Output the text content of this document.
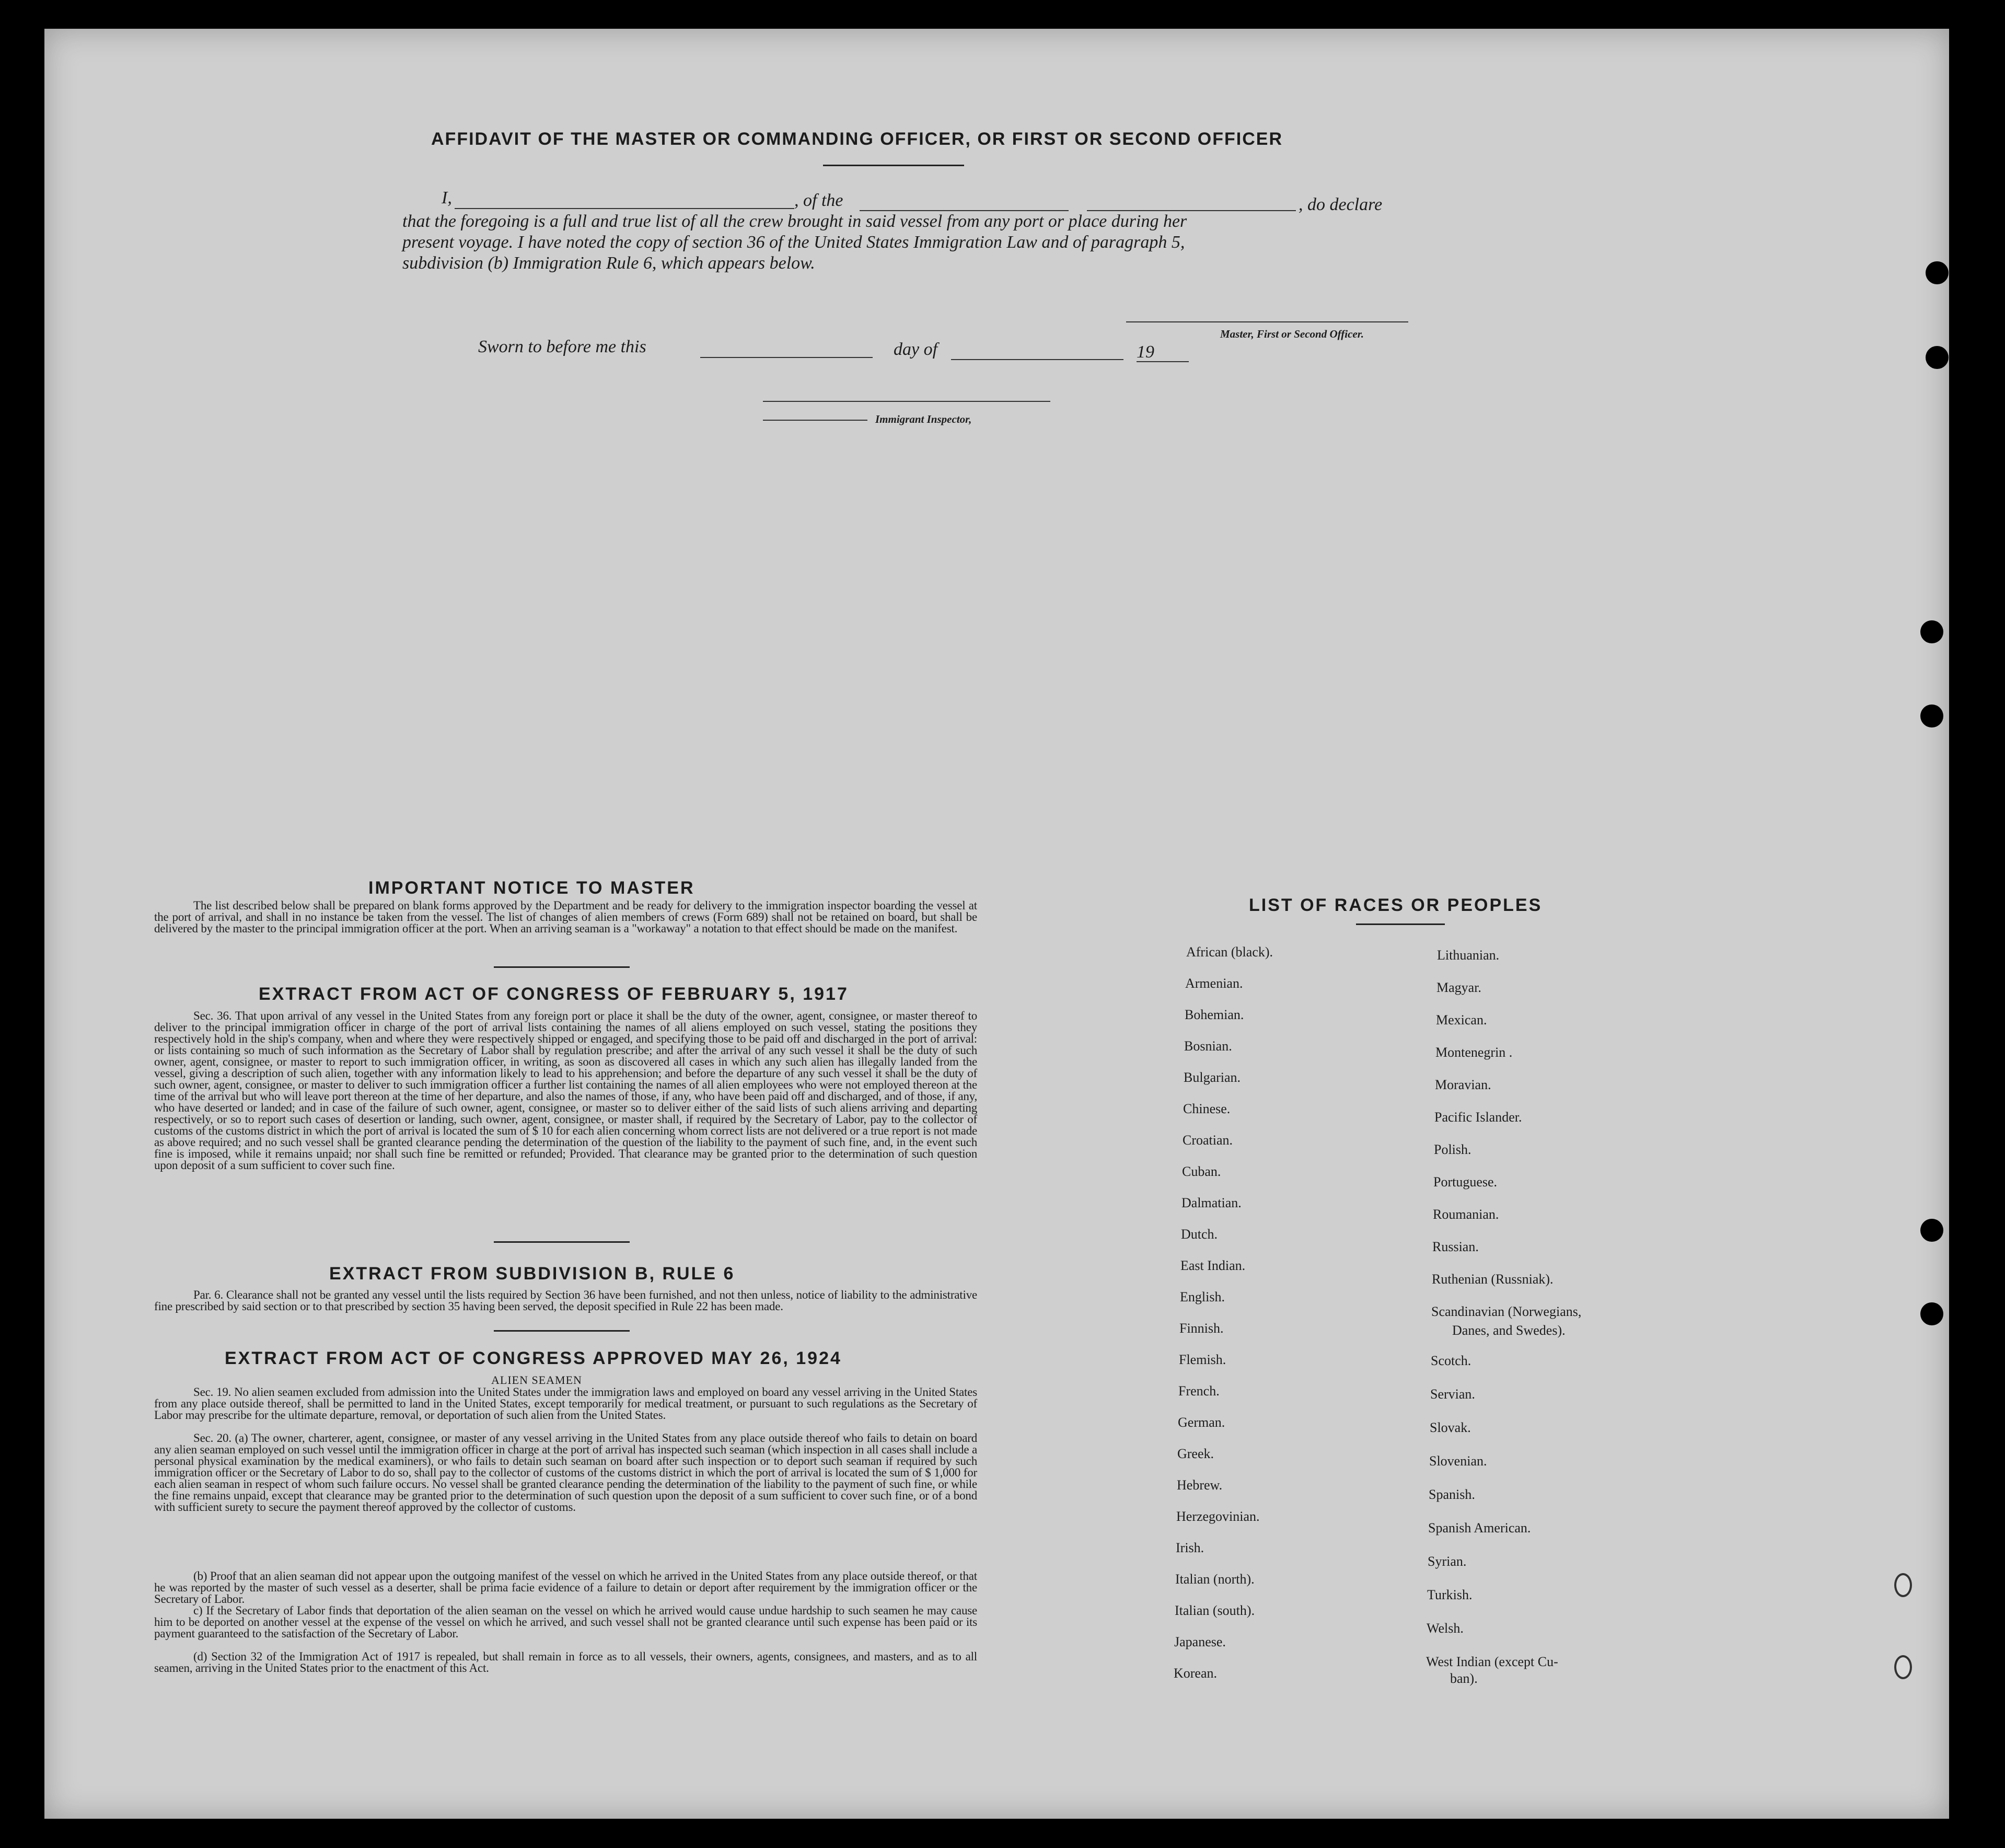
AFFIDAVIT OF THE MASTER OR COMMANDING OFFICER, OR FIRST OR SECOND OFFICER
I,	, of the	, do declare
that the foregoing is a full and true list of all the crew brought in said vessel from any port or place during her
present voyage. I have noted the copy of section 36 of the United States Immigration Law and of paragraph 5,
subdivision (b) Immigration Rule 6, which appears below.
Master, First or Second Officer.
Sworn to before me this	day of	19
Immigrant Inspector,
IMPORTANT NOTICE TO MASTER
The list described below shall be prepared on blank forms approved by the Department and be ready for delivery to the immigration inspector boarding the vessel at the port of arrival, and shall in no instance be taken from the vessel. The list of changes of alien members of crews (Form 689) shall not be retained on board, but shall be delivered by the master to the principal immigration officer at the port. When an arriving seaman is a "workaway" a notation to that effect should be made on the manifest.
EXTRACT FROM ACT OF CONGRESS OF FEBRUARY 5, 1917
Sec. 36. That upon arrival of any vessel in the United States from any foreign port or place it shall be the duty of the owner, agent, consignee, or master thereof to deliver to the principal immigration officer in charge of the port of arrival lists containing the names of all aliens employed on such vessel, stating the positions they respectively hold in the ship's company, when and where they were respectively shipped or engaged, and specifying those to be paid off and discharged in the port of arrival: or lists containing so much of such information as the Secretary of Labor shall by regulation prescribe; and after the arrival of any such vessel it shall be the duty of such owner, agent, consignee, or master to report to such immigration officer, in writing, as soon as discovered all cases in which any such alien has illegally landed from the vessel, giving a description of such alien, together with any information likely to lead to his apprehension; and before the departure of any such vessel it shall be the duty of such owner, agent, consignee, or master to deliver to such immigration officer a further list containing the names of all alien employees who were not employed thereon at the time of the arrival but who will leave port thereon at the time of her departure, and also the names of those, if any, who have been paid off and discharged, and of those, if any, who have deserted or landed; and in case of the failure of such owner, agent, consignee, or master so to deliver either of the said lists of such aliens arriving and departing respectively, or so to report such cases of desertion or landing, such owner, agent, consignee, or master shall, if required by the Secretary of Labor, pay to the collector of customs of the customs district in which the port of arrival is located the sum of $ 10 for each alien concerning whom correct lists are not delivered or a true report is not made as above required; and no such vessel shall be granted clearance pending the determination of the question of the liability to the payment of such fine, and, in the event such fine is imposed, while it remains unpaid; nor shall such fine be remitted or refunded; Provided. That clearance may be granted prior to the determination of such question upon deposit of a sum sufficient to cover such fine.
EXTRACT FROM SUBDIVISION B, RULE 6
Par. 6. Clearance shall not be granted any vessel until the lists required by Section 36 have been furnished, and not then unless, notice of liability to the administrative fine prescribed by said section or to that prescribed by section 35 having been served, the deposit specified in Rule 22 has been made.
EXTRACT FROM ACT OF CONGRESS APPROVED MAY 26, 1924
ALIEN SEAMEN
Sec. 19. No alien seamen excluded from admission into the United States under the immigration laws and employed on board any vessel arriving in the United States from any place outside thereof, shall be permitted to land in the United States, except temporarily for medical treatment, or pursuant to such regulations as the Secretary of Labor may prescribe for the ultimate departure, removal, or deportation of such alien from the United States.
Sec. 20. (a) The owner, charterer, agent, consignee, or master of any vessel arriving in the United States from any place outside thereof who fails to detain on board any alien seaman employed on such vessel until the immigration officer in charge at the port of arrival has inspected such seaman (which inspection in all cases shall include a personal physical examination by the medical examiners), or who fails to detain such seaman on board after such inspection or to deport such seaman if required by such immigration officer or the Secretary of Labor to do so, shall pay to the collector of customs of the customs district in which the port of arrival is located the sum of $ 1,000 for each alien seaman in respect of whom such failure occurs. No vessel shall be granted clearance pending the determination of the liability to the payment of such fine, or while the fine remains unpaid, except that clearance may be granted prior to the determination of such question upon the deposit of a sum sufficient to cover such fine, or of a bond with sufficient surety to secure the payment thereof approved by the collector of customs.
(b) Proof that an alien seaman did not appear upon the outgoing manifest of the vessel on which he arrived in the United States from any place outside thereof, or that he was reported by the master of such vessel as a deserter, shall be prima facie evidence of a failure to detain or deport after requirement by the immigration officer or the Secretary of Labor.
c) If the Secretary of Labor finds that deportation of the alien seaman on the vessel on which he arrived would cause undue hardship to such seamen he may cause him to be deported on another vessel at the expense of the vessel on which he arrived, and such vessel shall not be granted clearance until such expense has been paid or its payment guaranteed to the satisfaction of the Secretary of Labor.
(d) Section 32 of the Immigration Act of 1917 is repealed, but shall remain in force as to all vessels, their owners, agents, consignees, and masters, and as to all seamen, arriving in the United States prior to the enactment of this Act.
LIST OF RACES OR PEOPLES
African (black).
Armenian.
Bohemian.
Bosnian.
Bulgarian.
Chinese.
Croatian.
Cuban.
Dalmatian.
Dutch.
East Indian.
English.
Finnish.
Flemish.
French.
German.
Greek.
Hebrew.
Herzegovinian.
Irish.
Italian (north).
Italian (south).
Japanese.
Korean.
Lithuanian.
Magyar.
Mexican.
Montenegrin .
Moravian.
Pacific Islander.
Polish.
Portuguese.
Roumanian.
Russian.
Ruthenian (Russniak).
Scandinavian (Norwegians,
Danes, and Swedes).
Scotch.
Servian.
Slovak.
Slovenian.
Spanish.
Spanish American.
Syrian.
Turkish.
Welsh.
West Indian (except Cu-
ban).
